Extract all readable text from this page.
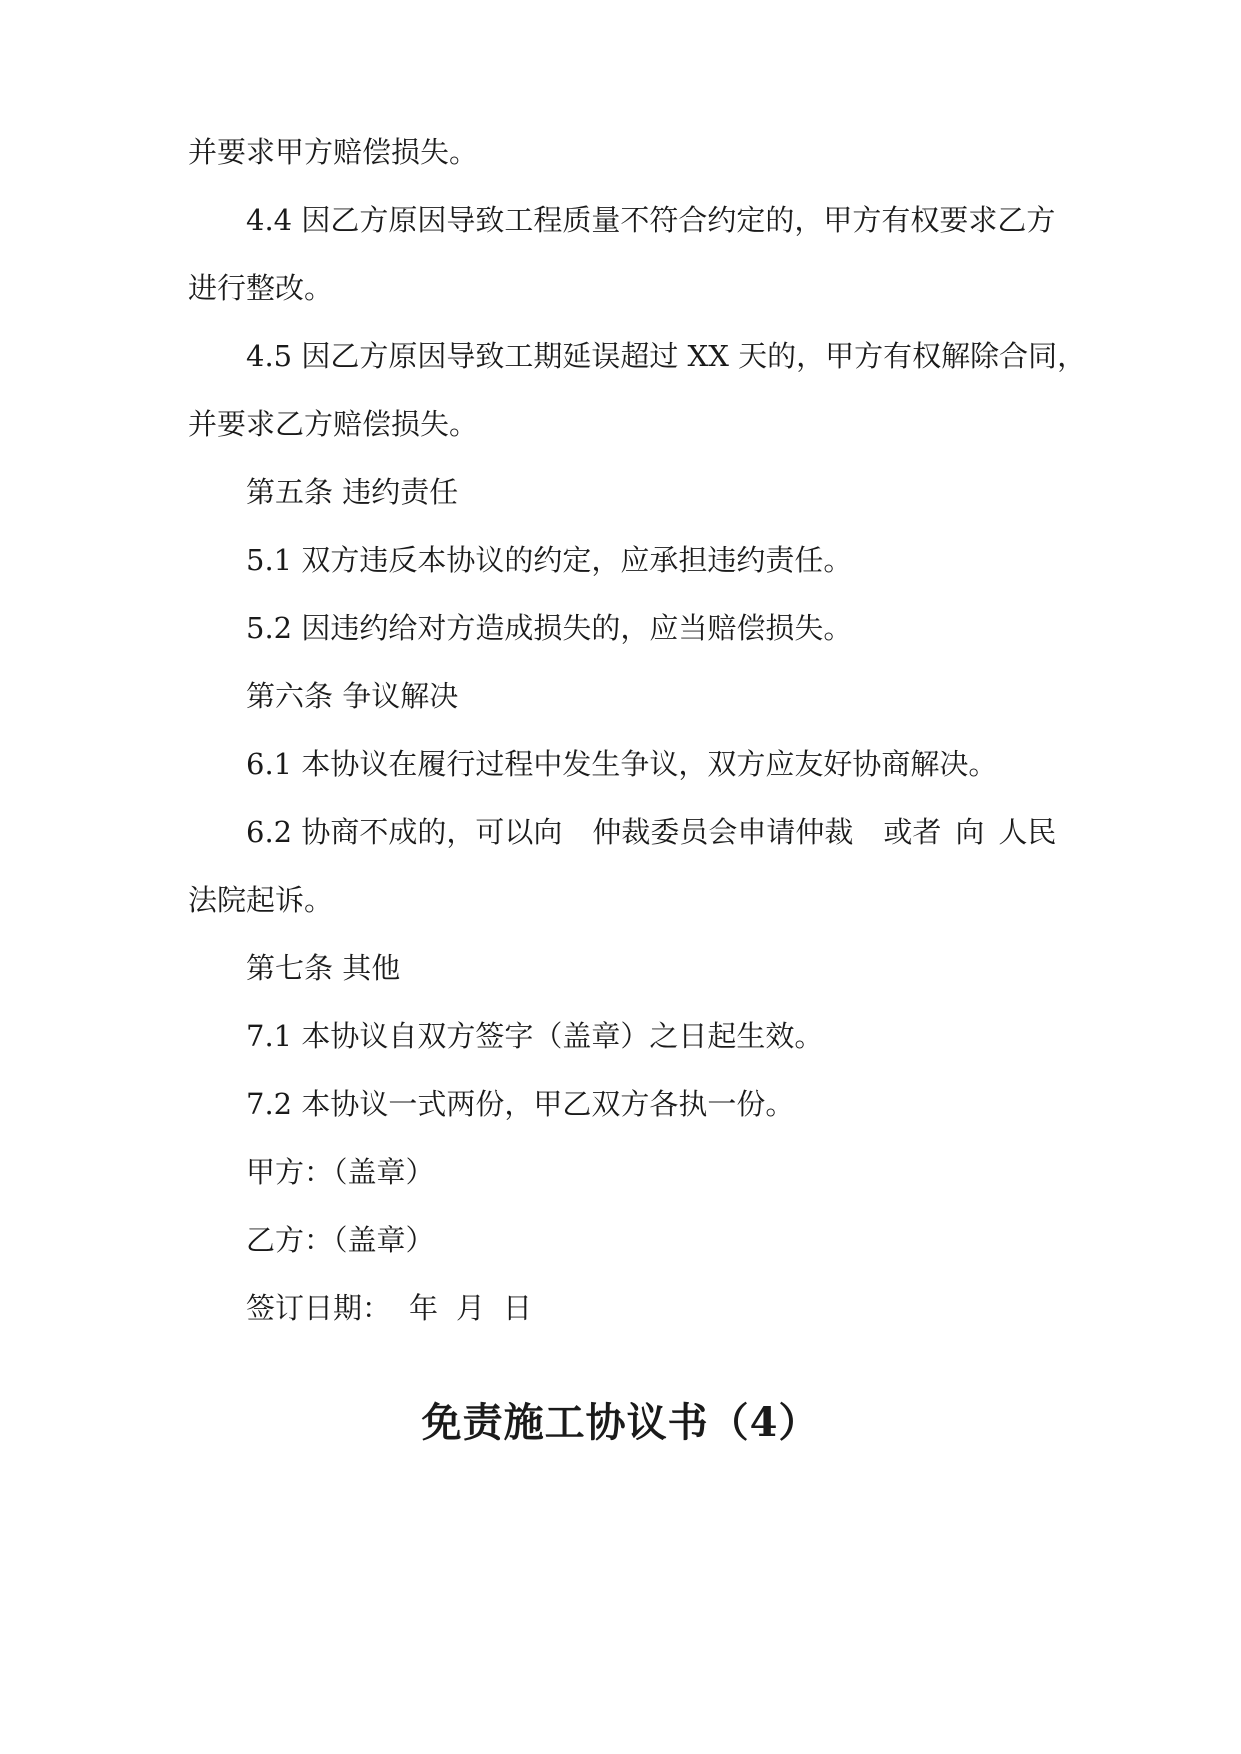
并要求甲方赔偿损失。
4.4 因乙方原因导致工程质量不符合约定的，甲方有权要求乙方
进行整改。
4.5 因乙方原因导致工期延误超过 XX 天的，甲方有权解除合同，
并要求乙方赔偿损失。
第五条 违约责任
5.1 双方违反本协议的约定，应承担违约责任。
5.2 因违约给对方造成损失的，应当赔偿损失。
第六条 争议解决
6.1 本协议在履行过程中发生争议，双方应友好协商解决。
6.2 协商不成的，可以向 仲裁委员会申请仲裁 或者 向 人民
法院起诉。
第七条 其他
7.1 本协议自双方签字（盖章）之日起生效。
7.2 本协议一式两份，甲乙双方各执一份。
甲方：（盖章）
乙方：（盖章）
签订日期： 年 月 日
免责施工协议书（4）
